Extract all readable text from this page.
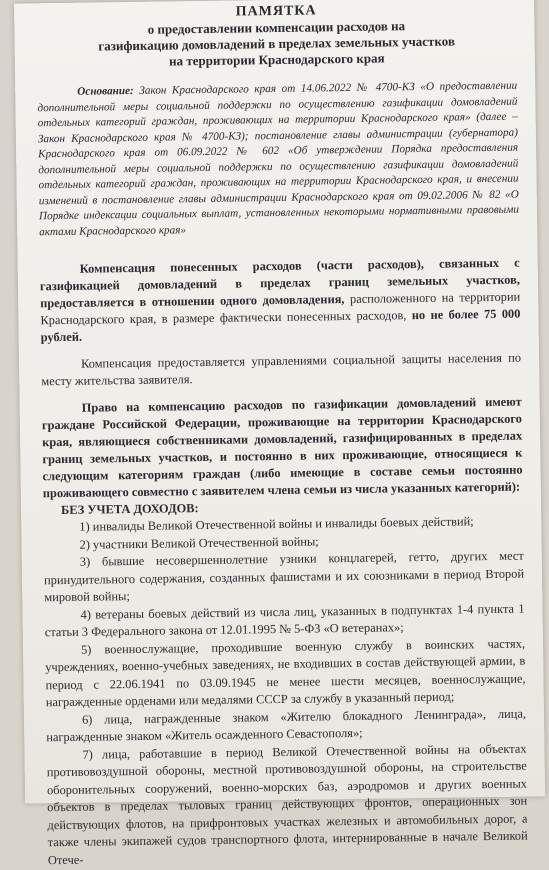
ПАМЯТКА
о предоставлении компенсации расходов на
газификацию домовладений в пределах земельных участков
на территории Краснодарского края

Основание: Закон Краснодарского края от 14.06.2022 № 4700-КЗ «О предоставлении дополнительной меры социальной поддержки по осуществлению газификации домовладений отдельных категорий граждан, проживающих на территории Краснодарского края» (далее – Закон Краснодарского края № 4700-КЗ); постановление главы администрации (губернатора) Краснодарского края от 06.09.2022 № 602 «Об утверждении Порядка предоставления дополнительной меры социальной поддержки по осуществлению газификации домовладений отдельных категорий граждан, проживающих на территории Краснодарского края, и внесении изменений в постановление главы администрации Краснодарского края от 09.02.2006 № 82 «О Порядке индексации социальных выплат, установленных некоторыми нормативными правовыми актами Краснодарского края»

Компенсация понесенных расходов (части расходов), связанных с газификацией домовладений в пределах границ земельных участков, предоставляется в отношении одного домовладения, расположенного на территории Краснодарского края, в размере фактически понесенных расходов, но не более 75 000 рублей.

Компенсация предоставляется управлениями социальной защиты населения по месту жительства заявителя.

Право на компенсацию расходов по газификации домовладений имеют граждане Российской Федерации, проживающие на территории Краснодарского края, являющиеся собственниками домовладений, газифицированных в пределах границ земельных участков, и постоянно в них проживающие, относящиеся к следующим категориям граждан (либо имеющие в составе семьи постоянно проживающего совместно с заявителем члена семьи из числа указанных категорий):

БЕЗ УЧЕТА ДОХОДОВ:

1) инвалиды Великой Отечественной войны и инвалиды боевых действий;

2) участники Великой Отечественной войны;

3) бывшие несовершеннолетние узники концлагерей, гетто, других мест принудительного содержания, созданных фашистами и их союзниками в период Второй мировой войны;

4) ветераны боевых действий из числа лиц, указанных в подпунктах 1-4 пункта 1 статьи 3 Федерального закона от 12.01.1995 № 5-ФЗ «О ветеранах»;

5) военнослужащие, проходившие военную службу в воинских частях, учреждениях, военно-учебных заведениях, не входивших в состав действующей армии, в период с 22.06.1941 по 03.09.1945 не менее шести месяцев, военнослужащие, награжденные орденами или медалями СССР за службу в указанный период;

6) лица, награжденные знаком «Жителю блокадного Ленинграда», лица, награжденные знаком «Житель осажденного Севастополя»;

7) лица, работавшие в период Великой Отечественной войны на объектах противовоздушной обороны, местной противовоздушной обороны, на строительстве оборонительных сооружений, военно-морских баз, аэродромов и других военных объектов в пределах тыловых границ действующих фронтов, операционных зон действующих флотов, на прифронтовых участках железных и автомобильных дорог, а также члены экипажей судов транспортного флота, интернированные в начале Великой Отече-
